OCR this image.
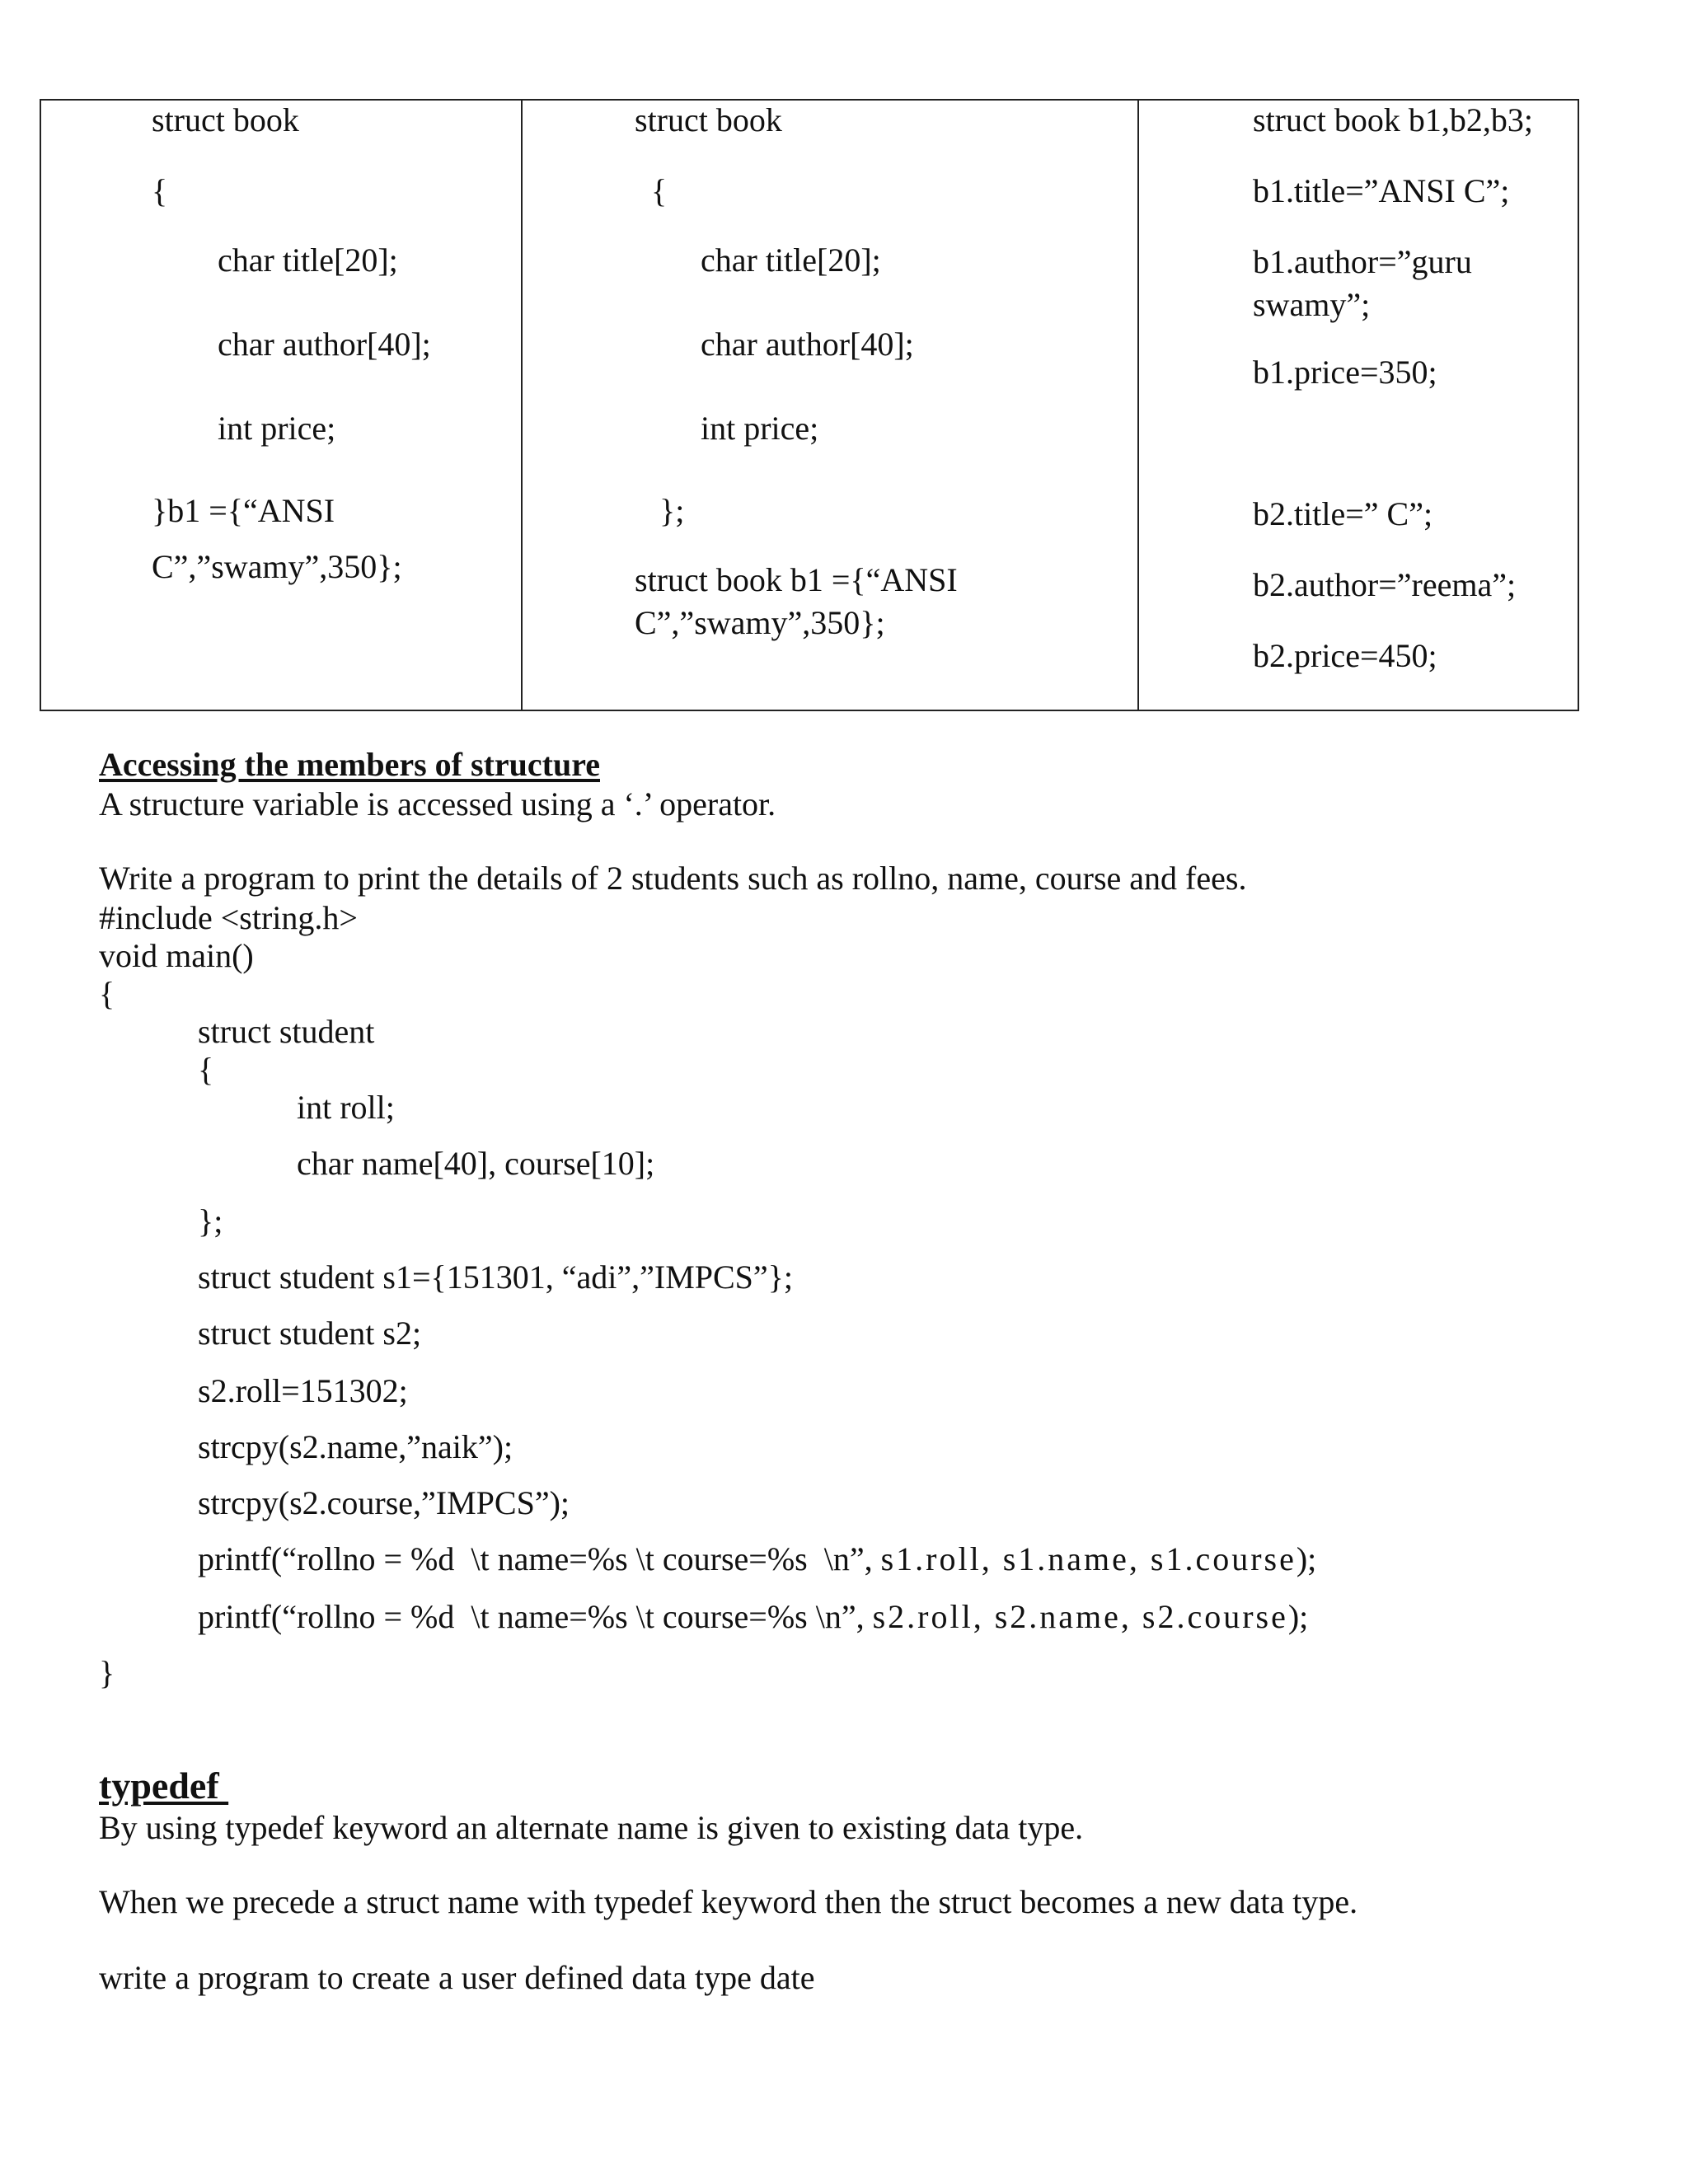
struct book

{

char title[20];

char author[40];

int price;

}b1 ={“ANSI

C”,”swamy”,350};

struct book

{

char title[20];

char author[40];

int price;

};

struct book b1 ={“ANSI

C”,”swamy”,350};

struct book b1,b2,b3;

b1.title=”ANSI C”;

b1.author=”guru

swamy”;

b1.price=350;

b2.title=” C”;

b2.author=”reema”;

b2.price=450;

Accessing the members of structure

A structure variable is accessed using a ‘.’ operator.

Write a program to print the details of 2 students such as rollno, name, course and fees.

#include <string.h>

void main()

{

struct student

{

int roll;

char name[40], course[10];

};

struct student s1={151301, “adi”,”IMPCS”};

struct student s2;

s2.roll=151302;

strcpy(s2.name,”naik”);

strcpy(s2.course,”IMPCS”);

printf(“rollno = %d  \t name=%s \t course=%s  \n”, s1.roll, s1.name, s1.course);

printf(“rollno = %d  \t name=%s \t course=%s \n”, s2.roll, s2.name, s2.course);

}

typedef

By using typedef keyword an alternate name is given to existing data type.

When we precede a struct name with typedef keyword then the struct becomes a new data type.

write a program to create a user defined data type date
